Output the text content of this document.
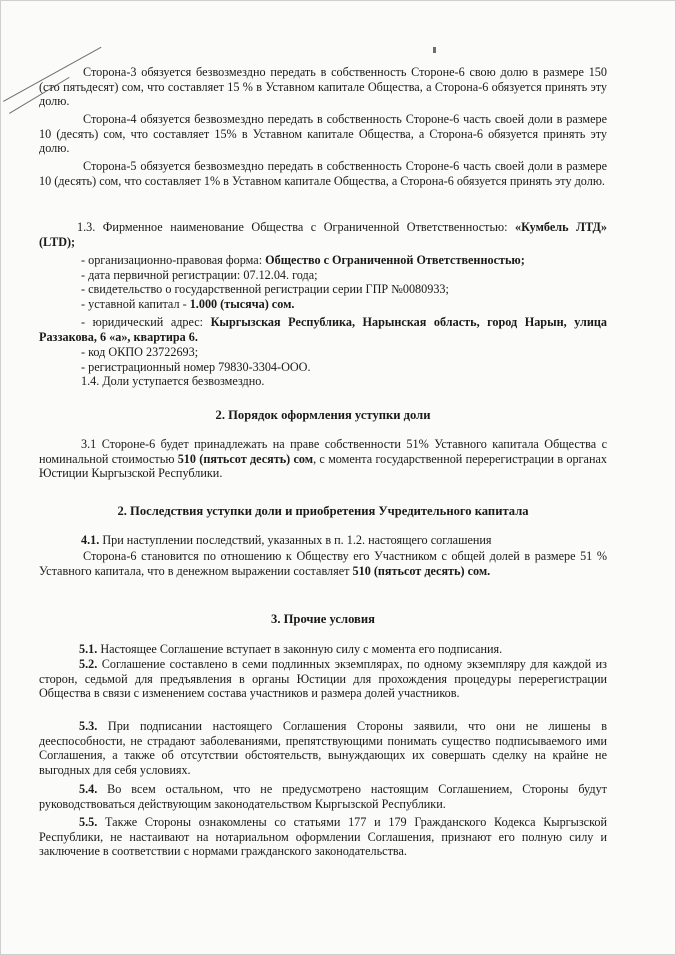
Сторона-3 обязуется безвозмездно передать в собственность Стороне-6 свою долю в размере 150 (сто пятьдесят) сом, что составляет 15 % в Уставном капитале Общества, а Сторона-6 обязуется принять эту долю.

Сторона-4 обязуется безвозмездно передать в собственность Стороне-6 часть своей доли в размере 10 (десять) сом, что составляет 15% в Уставном капитале Общества, а Сторона-6 обязуется принять эту долю.

Сторона-5 обязуется безвозмездно передать в собственность Стороне-6 часть своей доли в размере 10 (десять) сом, что составляет 1% в Уставном капитале Общества, а Сторона-6 обязуется принять эту долю.

1.3. Фирменное наименование Общества с Ограниченной Ответственностью: «Кумбель ЛТД» (LTD);

- организационно-правовая форма: Общество с Ограниченной Ответственностью;
- дата первичной регистрации: 07.12.04. года;
- свидетельство о государственной регистрации серии ГПР №0080933;
- уставной капитал - 1.000 (тысяча) сом.

- юридический адрес: Кыргызская Республика, Нарынская область, город Нарын, улица Раззакова, 6 «а», квартира 6.

- код ОКПО 23722693;
- регистрационный номер 79830-3304-ООО.
1.4. Доли уступается безвозмездно.

2. Порядок оформления уступки доли

3.1 Стороне-6 будет принадлежать на праве собственности 51% Уставного капитала Общества с номинальной стоимостью 510 (пятьсот десять) сом, с момента государственной перерегистрации в органах Юстиции Кыргызской Республики.

2. Последствия уступки доли и приобретения Учредительного капитала

4.1. При наступлении последствий, указанных в п. 1.2. настоящего соглашения

Сторона-6 становится по отношению к Обществу его Участником с общей долей в размере 51 % Уставного капитала, что в денежном выражении составляет 510 (пятьсот десять) сом.

3. Прочие условия

5.1. Настоящее Соглашение вступает в законную силу с момента его подписания.

5.2. Соглашение составлено в семи подлинных экземплярах, по одному экземпляру для каждой из сторон, седьмой для предъявления в органы Юстиции для прохождения процедуры перерегистрации Общества в связи с изменением состава участников и размера долей участников.

5.3. При подписании настоящего Соглашения Стороны заявили, что они не лишены в дееспособности, не страдают заболеваниями, препятствующими понимать существо подписываемого ими Соглашения, а также об отсутствии обстоятельств, вынуждающих их совершать сделку на крайне не выгодных для себя условиях.

5.4. Во всем остальном, что не предусмотрено настоящим Соглашением, Стороны будут руководствоваться действующим законодательством Кыргызской Республики.

5.5. Также Стороны ознакомлены со статьями 177 и 179 Гражданского Кодекса Кыргызской Республики, не настаивают на нотариальном оформлении Соглашения, признают его полную силу и заключение в соответствии с нормами гражданского законодательства.
